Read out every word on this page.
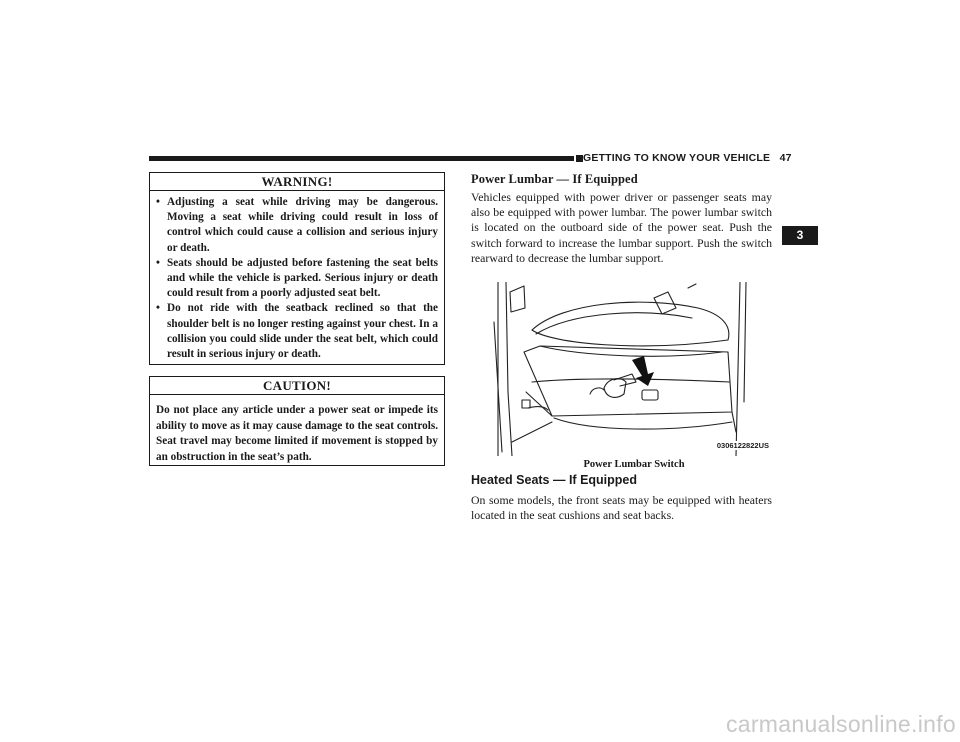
GETTING TO KNOW YOUR VEHICLE 47
3
WARNING!
• Adjusting a seat while driving may be dangerous. Moving a seat while driving could result in loss of control which could cause a collision and serious injury or death.
• Seats should be adjusted before fastening the seat belts and while the vehicle is parked. Serious injury or death could result from a poorly adjusted seat belt.
• Do not ride with the seatback reclined so that the shoulder belt is no longer resting against your chest. In a collision you could slide under the seat belt, which could result in serious injury or death.
CAUTION!
Do not place any article under a power seat or impede its ability to move as it may cause damage to the seat controls. Seat travel may become limited if movement is stopped by an obstruction in the seat’s path.
Power Lumbar — If Equipped

Vehicles equipped with power driver or passenger seats may also be equipped with power lumbar. The power lumbar switch is located on the outboard side of the power seat. Push the switch forward to increase the lumbar support. Push the switch rearward to decrease the lumbar support.

0306122822US
Power Lumbar Switch
Heated Seats — If Equipped

On some models, the front seats may be equipped with heaters located in the seat cushions and seat backs.

carmanualsonline.info
